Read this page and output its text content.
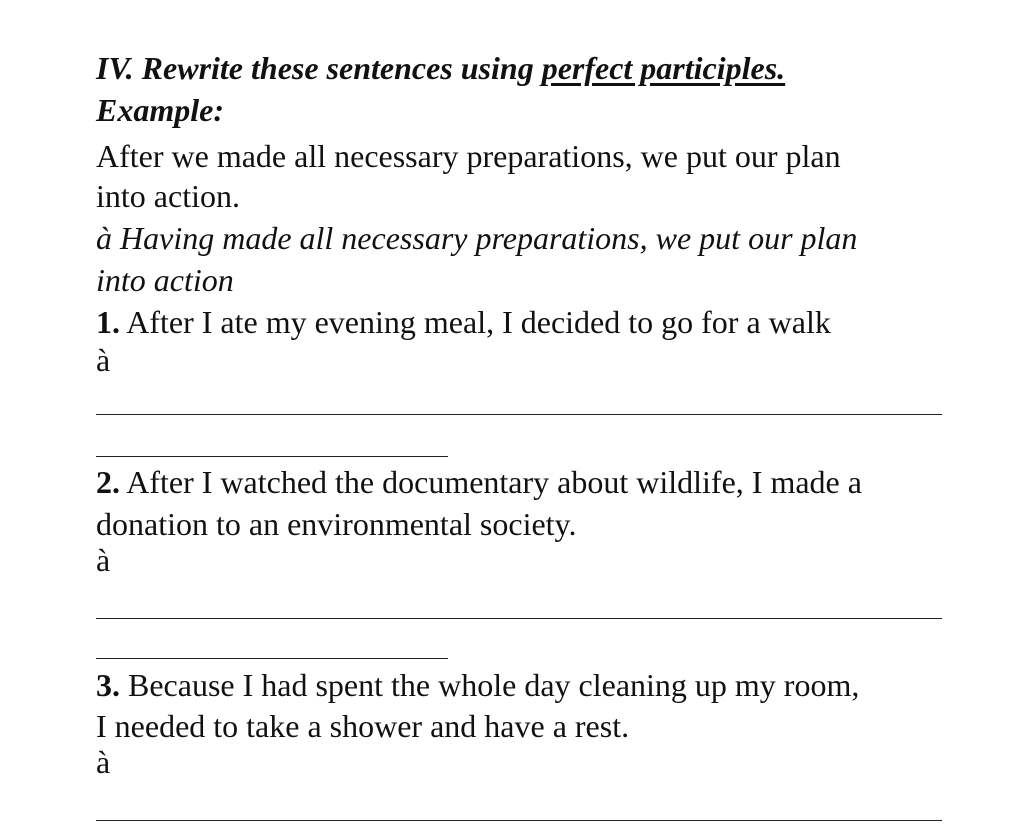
IV. Rewrite these sentences using perfect participles.
Example:
After we made all necessary preparations, we put our plan
into action.
à Having made all necessary preparations, we put our plan
into action
1. After I ate my evening meal, I decided to go for a walk
à
2. After I watched the documentary about wildlife, I made a
donation to an environmental society.
à
3. Because I had spent the whole day cleaning up my room,
I needed to take a shower and have a rest.
à
